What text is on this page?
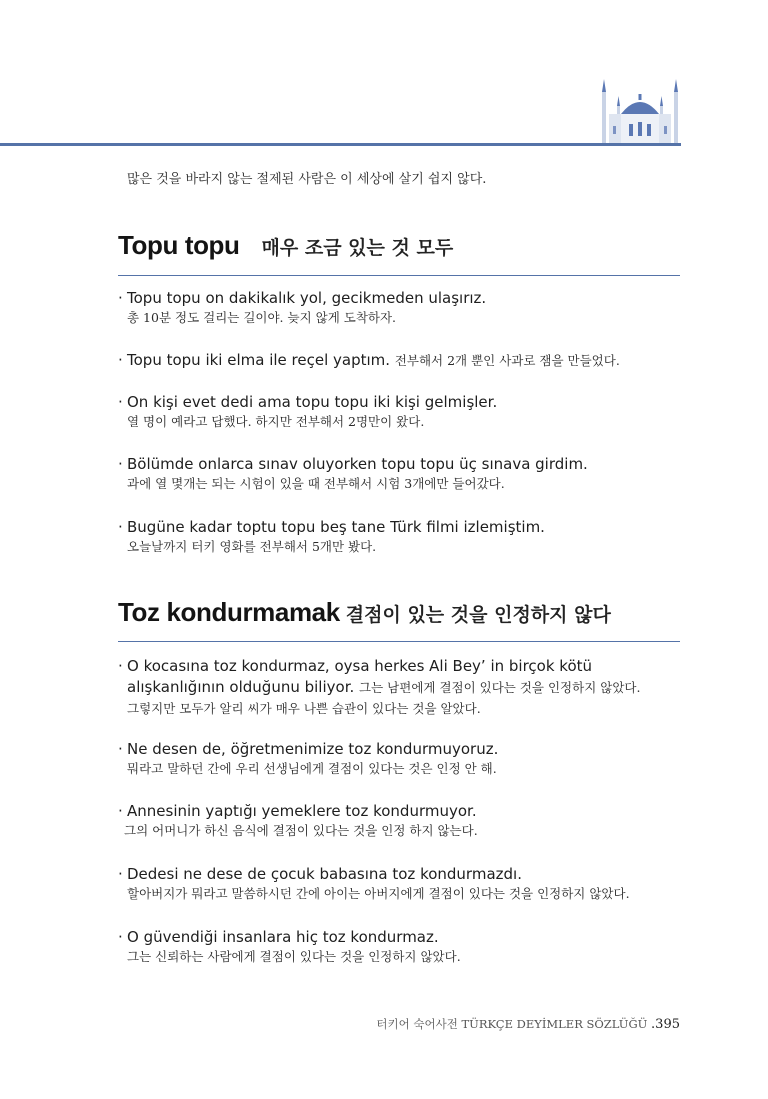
많은 것을 바라지 않는 절제된 사람은 이 세상에 살기 쉽지 않다.
Topu topu 매우 조금 있는 것 모두
· Topu topu on dakikalık yol, gecikmeden ulaşırız.
총 10분 정도 걸리는 길이야. 늦지 않게 도착하자.
· Topu topu iki elma ile reçel yaptım. 전부해서 2개 뿐인 사과로 잼을 만들었다.
· On kişi evet dedi ama topu topu iki kişi gelmişler.
열 명이 예라고 답했다. 하지만 전부해서 2명만이 왔다.
· Bölümde onlarca sınav oluyorken topu topu üç sınava girdim.
과에 열 몇개는 되는 시험이 있을 때 전부해서 시험 3개에만 들어갔다.
· Bugüne kadar toptu topu beş tane Türk filmi izlemiştim.
오늘날까지 터키 영화를 전부해서 5개만 봤다.
Toz kondurmamak 결점이 있는 것을 인정하지 않다
· O kocasına toz kondurmaz, oysa herkes Ali Bey’ in birçok kötü
alışkanlığının olduğunu biliyor. 그는 남편에게 결점이 있다는 것을 인정하지 않았다.
그렇지만 모두가 알리 씨가 매우 나쁜 습관이 있다는 것을 알았다.
· Ne desen de, öğretmenimize toz kondurmuyoruz.
뭐라고 말하던 간에 우리 선생님에게 결점이 있다는 것은 인정 안 해.
· Annesinin yaptığı yemeklere toz kondurmuyor.
그의 어머니가 하신 음식에 결점이 있다는 것을 인정 하지 않는다.
· Dedesi ne dese de çocuk babasına toz kondurmazdı.
할아버지가 뭐라고 말씀하시던 간에 아이는 아버지에게 결점이 있다는 것을 인정하지 않았다.
· O güvendiği insanlara hiç toz kondurmaz.
그는 신뢰하는 사람에게 결점이 있다는 것을 인정하지 않았다.
터키어 숙어사전 TÜRKÇE DEYİMLER SÖZLÜĞÜ .395
